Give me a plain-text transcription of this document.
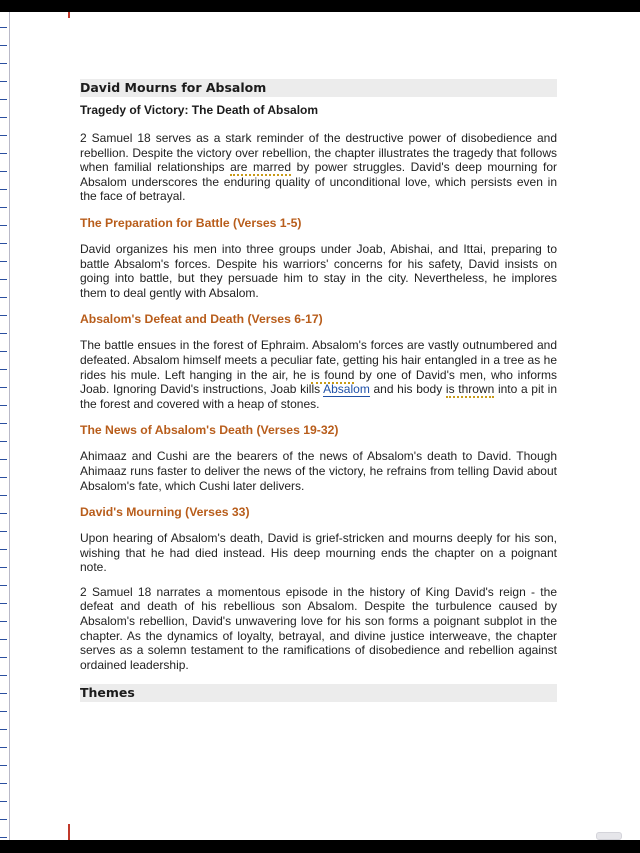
David Mourns for Absalom
Tragedy of Victory: The Death of Absalom

2 Samuel 18 serves as a stark reminder of the destructive power of disobedience and rebellion. Despite the victory over rebellion, the chapter illustrates the tragedy that follows when familial relationships are marred by power struggles. David's deep mourning for Absalom underscores the enduring quality of unconditional love, which persists even in the face of betrayal.

The Preparation for Battle (Verses 1-5)

David organizes his men into three groups under Joab, Abishai, and Ittai, preparing to battle Absalom's forces. Despite his warriors' concerns for his safety, David insists on going into battle, but they persuade him to stay in the city. Nevertheless, he implores them to deal gently with Absalom.

Absalom's Defeat and Death (Verses 6-17)

The battle ensues in the forest of Ephraim. Absalom's forces are vastly outnumbered and defeated. Absalom himself meets a peculiar fate, getting his hair entangled in a tree as he rides his mule. Left hanging in the air, he is found by one of David's men, who informs Joab. Ignoring David's instructions, Joab kills Absalom and his body is thrown into a pit in the forest and covered with a heap of stones.

The News of Absalom's Death (Verses 19-32)

Ahimaaz and Cushi are the bearers of the news of Absalom's death to David. Though Ahimaaz runs faster to deliver the news of the victory, he refrains from telling David about Absalom's fate, which Cushi later delivers.

David's Mourning (Verses 33)

Upon hearing of Absalom's death, David is grief-stricken and mourns deeply for his son, wishing that he had died instead. His deep mourning ends the chapter on a poignant note.

2 Samuel 18 narrates a momentous episode in the history of King David's reign - the defeat and death of his rebellious son Absalom. Despite the turbulence caused by Absalom's rebellion, David's unwavering love for his son forms a poignant subplot in the chapter. As the dynamics of loyalty, betrayal, and divine justice interweave, the chapter serves as a solemn testament to the ramifications of disobedience and rebellion against ordained leadership.

Themes
